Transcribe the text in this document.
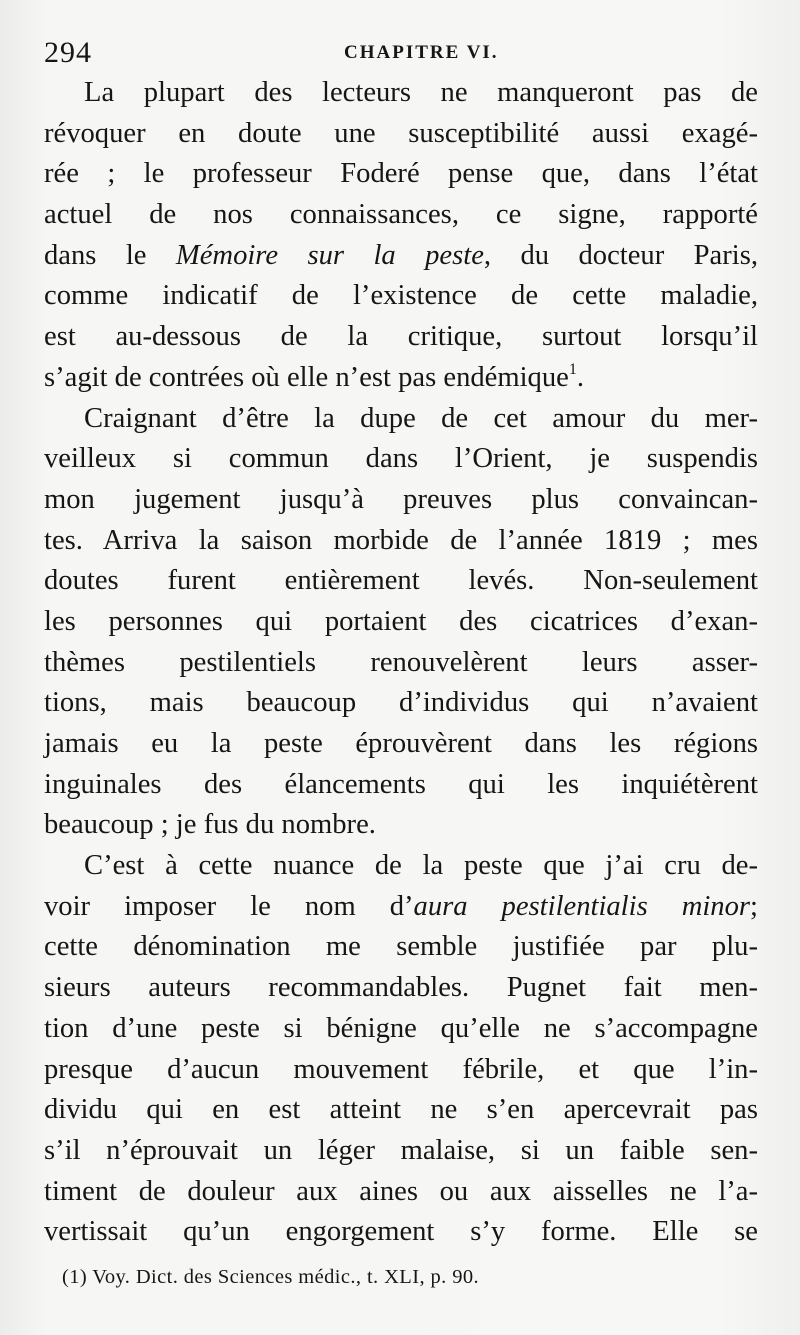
294	CHAPITRE VI.
La plupart des lecteurs ne manqueront pas de
révoquer en doute une susceptibilité aussi exagé-
rée ; le professeur Foderé pense que, dans l’état
actuel de nos connaissances, ce signe, rapporté
dans le Mémoire sur la peste, du docteur Paris,
comme indicatif de l’existence de cette maladie,
est au-dessous de la critique, surtout lorsqu’il
s’agit de contrées où elle n’est pas endémique$^1$.
Craignant d’être la dupe de cet amour du mer-
veilleux si commun dans l’Orient, je suspendis
mon jugement jusqu’à preuves plus convaincan-
tes. Arriva la saison morbide de l’année 1819 ; mes
doutes furent entièrement levés. Non-seulement
les personnes qui portaient des cicatrices d’exan-
thèmes pestilentiels renouvelèrent leurs asser-
tions, mais beaucoup d’individus qui n’avaient
jamais eu la peste éprouvèrent dans les régions
inguinales des élancements qui les inquiétèrent
beaucoup ; je fus du nombre.
C’est à cette nuance de la peste que j’ai cru de-
voir imposer le nom d’aura pestilentialis minor;
cette dénomination me semble justifiée par plu-
sieurs auteurs recommandables. Pugnet fait men-
tion d’une peste si bénigne qu’elle ne s’accompagne
presque d’aucun mouvement fébrile, et que l’in-
dividu qui en est atteint ne s’en apercevrait pas
s’il n’éprouvait un léger malaise, si un faible sen-
timent de douleur aux aines ou aux aisselles ne l’a-
vertissait qu’un engorgement s’y forme. Elle se
(1) Voy. Dict. des Sciences médic., t. XLI, p. 90.
